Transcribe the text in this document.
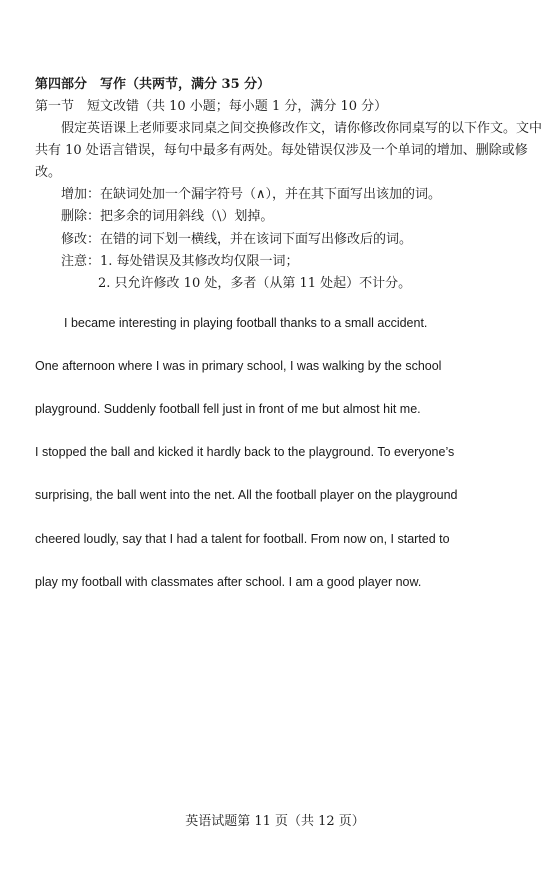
第四部分　写作（共两节，满分 35 分）
第一节　短文改错（共 10 小题；每小题 1 分，满分 10 分）
假定英语课上老师要求同桌之间交换修改作文，请你修改你同桌写的以下作文。文中
共有 10 处语言错误，每句中最多有两处。每处错误仅涉及一个单词的增加、删除或修
改。
增加：在缺词处加一个漏字符号（∧），并在其下面写出该加的词。
删除：把多余的词用斜线（\）划掉。
修改：在错的词下划一横线，并在该词下面写出修改后的词。
注意：1. 每处错误及其修改均仅限一词；
2. 只允许修改 10 处，多者（从第 11 处起）不计分。
I became interesting in playing football thanks to a small accident.
One afternoon where I was in primary school, I was walking by the school
playground. Suddenly football fell just in front of me but almost hit me.
I stopped the ball and kicked it hardly back to the playground. To everyone’s
surprising, the ball went into the net. All the football player on the playground
cheered loudly, say that I had a talent for football. From now on, I started to
play my football with classmates after school. I am a good player now.
英语试题第 11 页（共 12 页）
